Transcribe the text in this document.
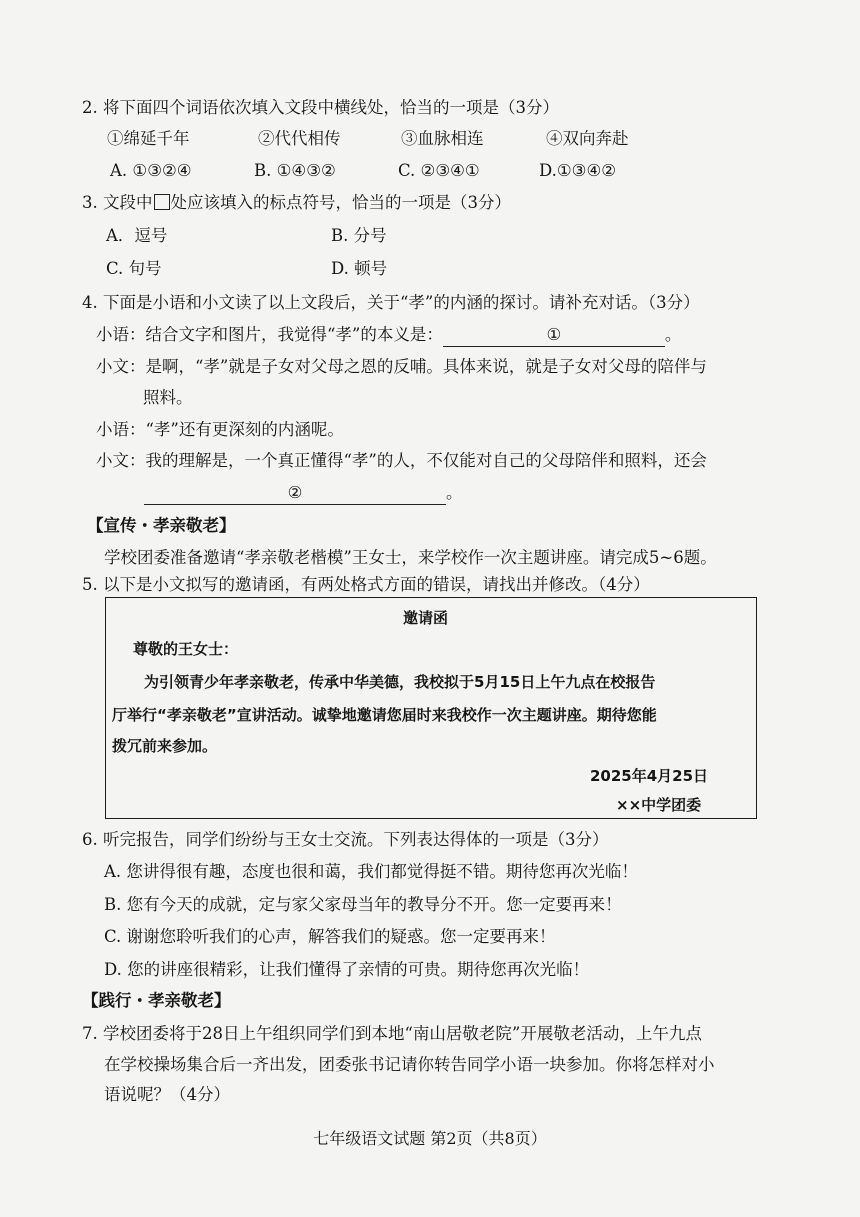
2. 将下面四个词语依次填入文段中横线处，恰当的一项是（3分）
①绵延千年	②代代相传	③血脉相连	④双向奔赴
A. ①③②④	B. ①④③②	C. ②③④①	D.①③④②
3. 文段中 处应该填入的标点符号，恰当的一项是（3分）
A．逗号	B. 分号
C. 句号	D. 顿号
4. 下面是小语和小文读了以上文段后，关于“孝”的内涵的探讨。请补充对话。（3分）
小语：结合文字和图片，我觉得“孝”的本义是：	①	。
小文：是啊，“孝”就是子女对父母之恩的反哺。具体来说，就是子女对父母的陪伴与
照料。
小语：“孝”还有更深刻的内涵呢。
小文：我的理解是，一个真正懂得“孝”的人，不仅能对自己的父母陪伴和照料，还会
②	。
【宣传・孝亲敬老】
学校团委准备邀请“孝亲敬老楷模”王女士，来学校作一次主题讲座。请完成5~6题。
5. 以下是小文拟写的邀请函，有两处格式方面的错误，请找出并修改。（4分）
邀请函
尊敬的王女士：
为引领青少年孝亲敬老，传承中华美德，我校拟于5月15日上午九点在校报告
厅举行“孝亲敬老”宣讲活动。诚挚地邀请您届时来我校作一次主题讲座。期待您能
拨冗前来参加。
2025年4月25日
××中学团委
6. 听完报告，同学们纷纷与王女士交流。下列表达得体的一项是（3分）
A. 您讲得很有趣，态度也很和蔼，我们都觉得挺不错。期待您再次光临！
B. 您有今天的成就，定与家父家母当年的教导分不开。您一定要再来！
C. 谢谢您聆听我们的心声，解答我们的疑惑。您一定要再来！
D. 您的讲座很精彩，让我们懂得了亲情的可贵。期待您再次光临！
【践行・孝亲敬老】
7. 学校团委将于28日上午组织同学们到本地“南山居敬老院”开展敬老活动，上午九点
在学校操场集合后一齐出发，团委张书记请你转告同学小语一块参加。你将怎样对小
语说呢？（4分）
七年级语文试题 第2页（共8页）
